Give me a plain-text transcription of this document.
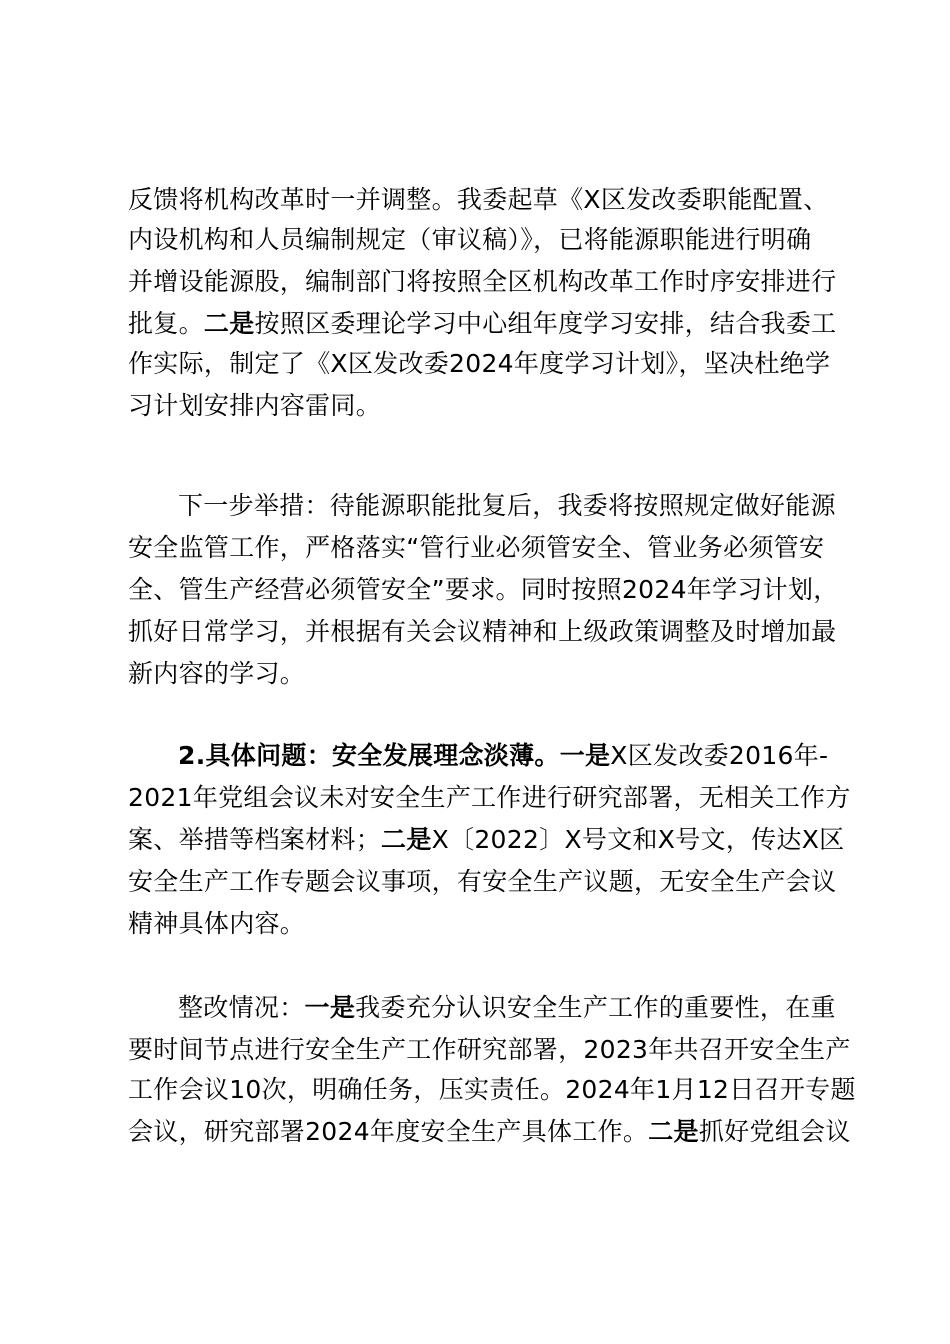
反馈将机构改革时一并调整。我委起草《X区发改委职能配置、
内设机构和人员编制规定（审议稿）》，已将能源职能进行明确
并增设能源股，编制部门将按照全区机构改革工作时序安排进行
批复。二是按照区委理论学习中心组年度学习安排，结合我委工
作实际，制定了《X区发改委2024年度学习计划》，坚决杜绝学
习计划安排内容雷同。
下一步举措：待能源职能批复后，我委将按照规定做好能源
安全监管工作，严格落实“管行业必须管安全、管业务必须管安
全、管生产经营必须管安全”要求。同时按照2024年学习计划，
抓好日常学习，并根据有关会议精神和上级政策调整及时增加最
新内容的学习。
2.具体问题：安全发展理念淡薄。一是X区发改委2016年-
2021年党组会议未对安全生产工作进行研究部署，无相关工作方
案、举措等档案材料；二是X〔2022〕X号文和X号文，传达X区
安全生产工作专题会议事项，有安全生产议题，无安全生产会议
精神具体内容。
整改情况：一是我委充分认识安全生产工作的重要性，在重
要时间节点进行安全生产工作研究部署，2023年共召开安全生产
工作会议10次，明确任务，压实责任。2024年1月12日召开专题
会议，研究部署2024年度安全生产具体工作。二是抓好党组会议
